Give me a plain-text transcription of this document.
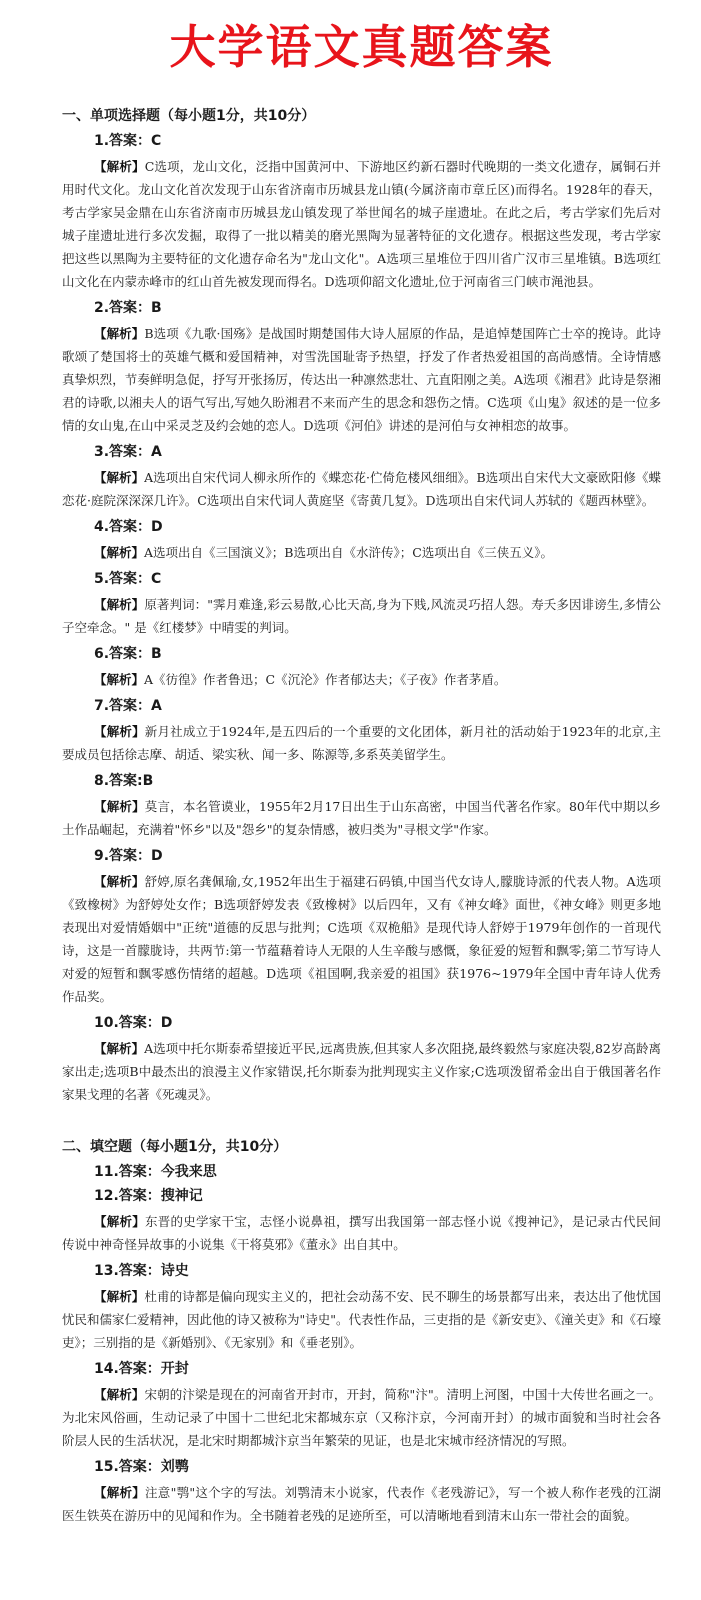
大学语文真题答案
一、单项选择题（每小题1分，共10分）
1.答案：C
【解析】C选项，龙山文化，泛指中国黄河中、下游地区约新石器时代晚期的一类文化遗存，属铜石并用时代文化。龙山文化首次发现于山东省济南市历城县龙山镇(今属济南市章丘区)而得名。1928年的春天，考古学家吴金鼎在山东省济南市历城县龙山镇发现了举世闻名的城子崖遗址。在此之后，考古学家们先后对城子崖遗址进行多次发掘，取得了一批以精美的磨光黑陶为显著特征的文化遗存。根据这些发现，考古学家把这些以黑陶为主要特征的文化遗存命名为"龙山文化"。A选项三星堆位于四川省广汉市三星堆镇。B选项红山文化在内蒙赤峰市的红山首先被发现而得名。D选项仰韶文化遗址,位于河南省三门峡市渑池县。
2.答案：B
【解析】B选项《九歌·国殇》是战国时期楚国伟大诗人屈原的作品，是追悼楚国阵亡士卒的挽诗。此诗歌颂了楚国将士的英雄气概和爱国精神，对雪洗国耻寄予热望，抒发了作者热爱祖国的高尚感情。全诗情感真挚炽烈，节奏鲜明急促，抒写开张扬厉，传达出一种凛然悲壮、亢直阳刚之美。A选项《湘君》此诗是祭湘君的诗歌,以湘夫人的语气写出,写她久盼湘君不来而产生的思念和怨伤之情。C选项《山鬼》叙述的是一位多情的女山鬼,在山中采灵芝及约会她的恋人。D选项《河伯》讲述的是河伯与女神相恋的故事。
3.答案：A
【解析】A选项出自宋代词人柳永所作的《蝶恋花·伫倚危楼风细细》。B选项出自宋代大文豪欧阳修《蝶恋花·庭院深深深几许》。C选项出自宋代词人黄庭坚《寄黄几复》。D选项出自宋代词人苏轼的《题西林壁》。
4.答案：D
【解析】A选项出自《三国演义》；B选项出自《水浒传》；C选项出自《三侠五义》。
5.答案：C
【解析】原著判词："霁月难逢,彩云易散,心比天高,身为下贱,风流灵巧招人怨。寿夭多因诽谤生,多情公子空牵念。" 是《红楼梦》中晴雯的判词。
6.答案：B
【解析】A《彷徨》作者鲁迅；C《沉沦》作者郁达夫；《子夜》作者茅盾。
7.答案：A
【解析】新月社成立于1924年,是五四后的一个重要的文化团体，新月社的活动始于1923年的北京,主要成员包括徐志摩、胡适、梁实秋、闻一多、陈源等,多系英美留学生。
8.答案:B
【解析】莫言，本名管谟业，1955年2月17日出生于山东高密，中国当代著名作家。80年代中期以乡土作品崛起，充满着"怀乡"以及"怨乡"的复杂情感，被归类为"寻根文学"作家。
9.答案：D
【解析】舒婷,原名龚佩瑜,女,1952年出生于福建石码镇,中国当代女诗人,朦胧诗派的代表人物。A选项《致橡树》为舒婷处女作；B选项舒婷发表《致橡树》以后四年，又有《神女峰》面世，《神女峰》则更多地表现出对爱情婚姻中"正统"道德的反思与批判；C选项《双桅船》是现代诗人舒婷于1979年创作的一首现代诗，这是一首朦胧诗，共两节:第一节蕴藉着诗人无限的人生辛酸与感慨，象征爱的短暂和飘零;第二节写诗人对爱的短暂和飘零感伤情绪的超越。D选项《祖国啊,我亲爱的祖国》获1976~1979年全国中青年诗人优秀作品奖。
10.答案：D
【解析】A选项中托尔斯泰希望接近平民,远离贵族,但其家人多次阻挠,最终毅然与家庭决裂,82岁高龄离家出走;选项B中最杰出的浪漫主义作家错误,托尔斯泰为批判现实主义作家;C选项泼留希金出自于俄国著名作家果戈理的名著《死魂灵》。
二、填空题（每小题1分，共10分）
11.答案：今我来思
12.答案：搜神记
【解析】东晋的史学家干宝，志怪小说鼻祖，撰写出我国第一部志怪小说《搜神记》，是记录古代民间传说中神奇怪异故事的小说集《干将莫邪》《董永》出自其中。
13.答案：诗史
【解析】杜甫的诗都是偏向现实主义的，把社会动荡不安、民不聊生的场景都写出来，表达出了他忧国忧民和儒家仁爱精神，因此他的诗又被称为"诗史"。代表性作品，三吏指的是《新安吏》、《潼关吏》和《石壕吏》；三别指的是《新婚别》、《无家别》和《垂老别》。
14.答案：开封
【解析】宋朝的汴梁是现在的河南省开封市，开封，简称"汴"。清明上河图，中国十大传世名画之一。为北宋风俗画，生动记录了中国十二世纪北宋都城东京（又称汴京，今河南开封）的城市面貌和当时社会各阶层人民的生活状况，是北宋时期都城汴京当年繁荣的见证，也是北宋城市经济情况的写照。
15.答案：刘鹗
【解析】注意"鹗"这个字的写法。刘鹗清末小说家，代表作《老残游记》，写一个被人称作老残的江湖医生铁英在游历中的见闻和作为。全书随着老残的足迹所至，可以清晰地看到清末山东一带社会的面貌。
